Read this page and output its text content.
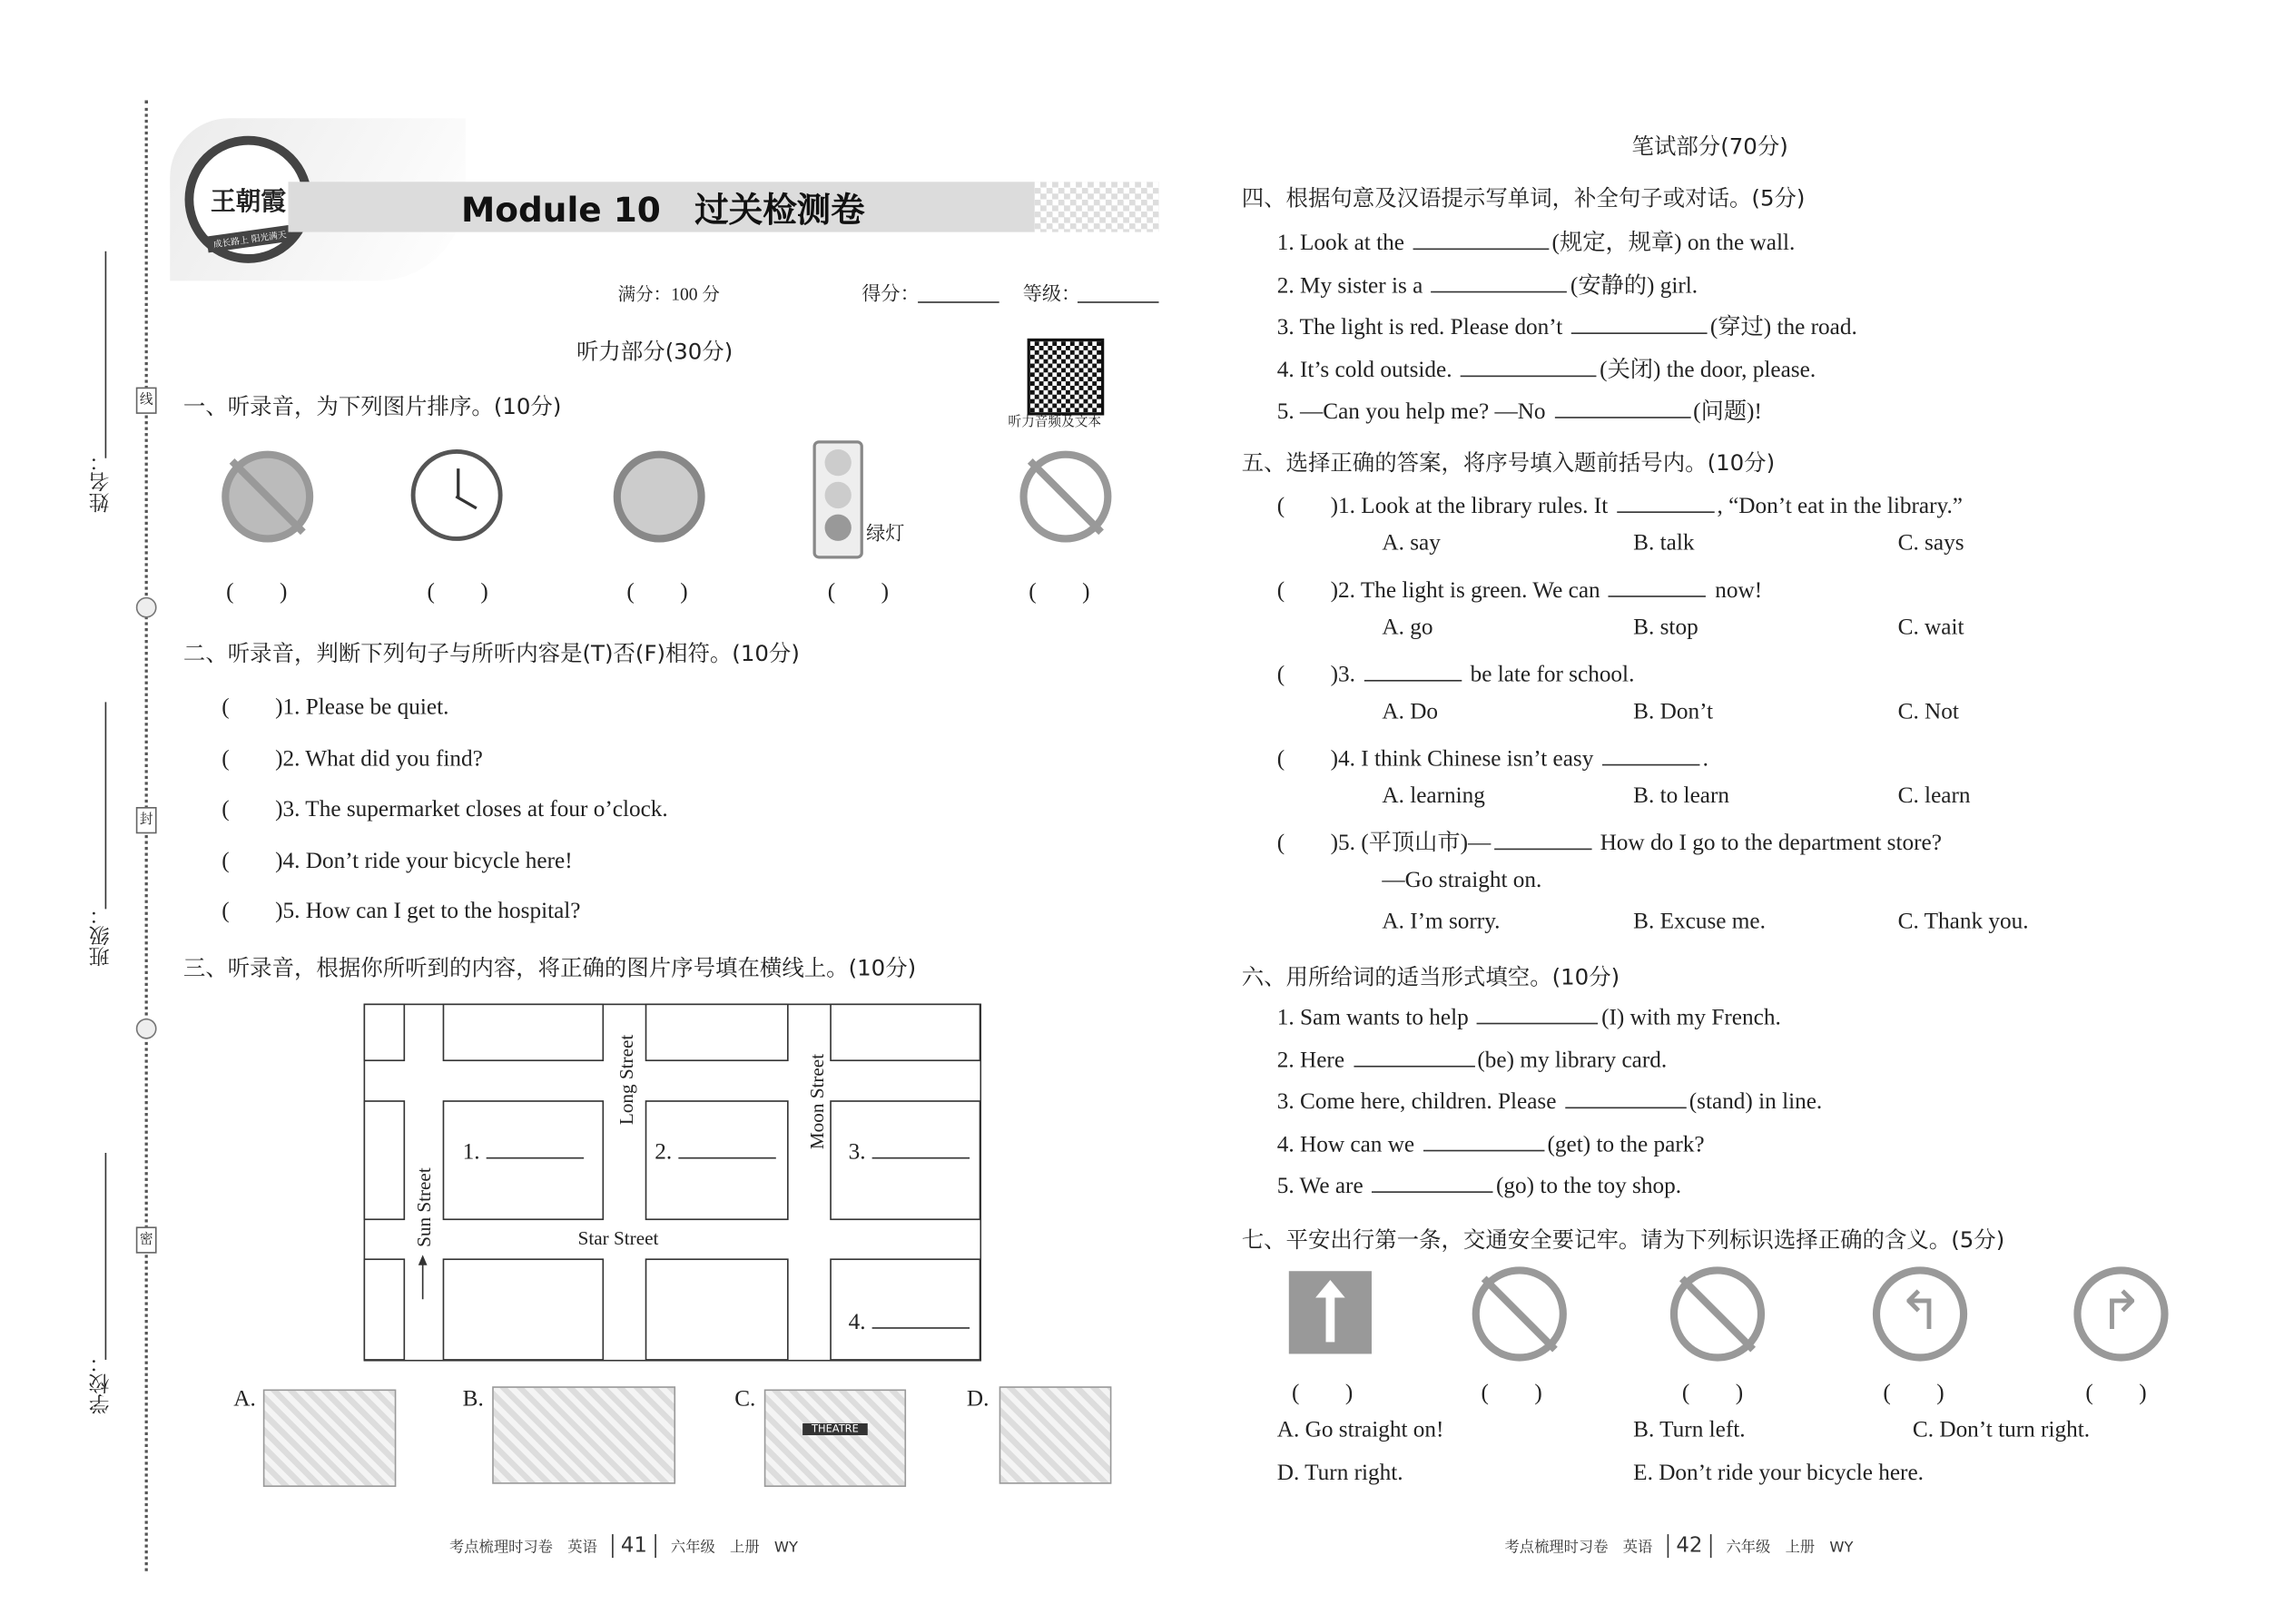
姓名：
班级：
学校：
线
封
密
王朝霞
成长路上 阳光满天
Module 10　过关检测卷
满分：100 分	得分：	等级：
听力部分(30分)
听力音频及文本
一、听录音，为下列图片排序。(10分)
绿灯
(　　)	(　　)	(　　)	(　　)	(　　)
二、听录音，判断下列句子与所听内容是(T)否(F)相符。(10分)
(　　)1. Please be quiet.
(　　)2. What did you find?
(　　)3. The supermarket closes at four o’clock.
(　　)4. Don’t ride your bicycle here!
(　　)5. How can I get to the hospital?
三、听录音，根据你所听到的内容，将正确的图片序号填在横线上。(10分)
Long Street	Moon Street
Sun Street	Star Street
1.	2.	3.
4.
A.	B.	C.
THEATRE
D.
笔试部分(70分)
四、根据句意及汉语提示写单词，补全句子或对话。(5分)
1. Look at the	(规定，规章) on the wall.
2. My sister is a	(安静的) girl.
3. The light is red. Please don’t	(穿过) the road.
4. It’s cold outside.	(关闭) the door, please.
5. —Can you help me? —No	(问题)!
五、选择正确的答案，将序号填入题前括号内。(10分)
(　　)1. Look at the library rules. It	, “Don’t eat in the library.”
A. say	B. talk	C. says
(　　)2. The light is green. We can	now!
A. go	B. stop	C. wait
(　　)3.	be late for school.
A. Do	B. Don’t	C. Not
(　　)4. I think Chinese isn’t easy	.
A. learning	B. to learn	C. learn
(　　)5. (平顶山市)—	How do I go to the department store?
—Go straight on.
A. I’m sorry.	B. Excuse me.	C. Thank you.
六、用所给词的适当形式填空。(10分)
1. Sam wants to help	(I) with my French.
2. Here	(be) my library card.
3. Come here, children. Please	(stand) in line.
4. How can we	(get) to the park?
5. We are	(go) to the toy shop.
七、平安出行第一条，交通安全要记牢。请为下列标识选择正确的含义。(5分)
↰	↱
(　　)	(　　)	(　　)	(　　)	(　　)
A. Go straight on!	B. Turn left.	C. Don’t turn right.
D. Turn right.	E. Don’t ride your bicycle here.
考点梳理时习卷　英语 41	六年级　上册　WY	考点梳理时习卷　英语 42	六年级　上册　WY
